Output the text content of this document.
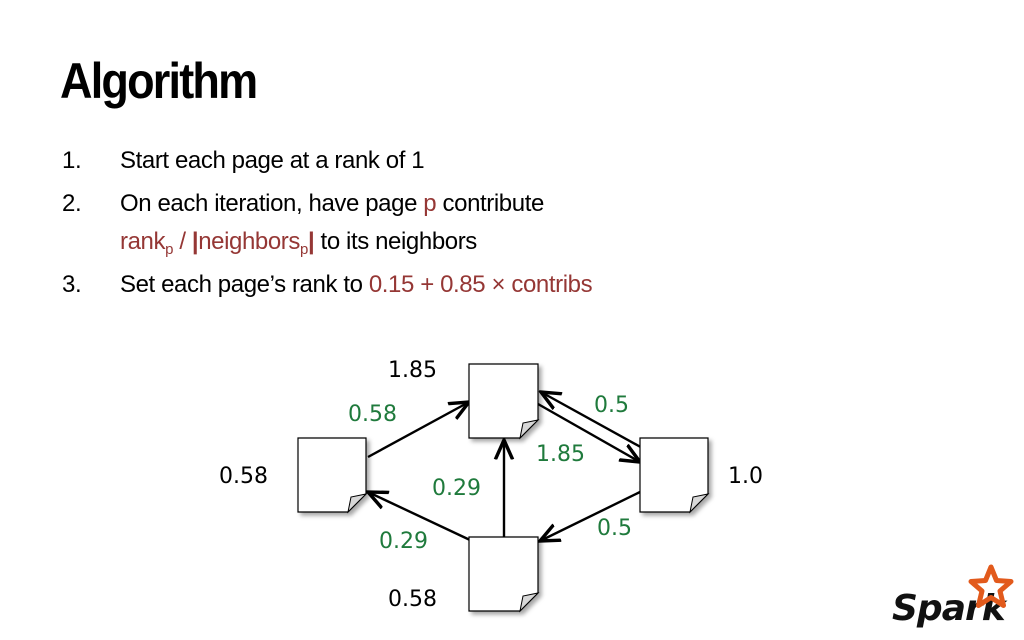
Algorithm
1. Start each page at a rank of 1
2. On each iteration, have page p contribute
rank$_p$ / |neighbors$_p$| to its neighbors
3. Set each page’s rank to 0.15 + 0.85 × contribs
0.58
1.85
1.0
0.58
0.58
1.85
0.5
0.5
0.29
0.29
Spark
